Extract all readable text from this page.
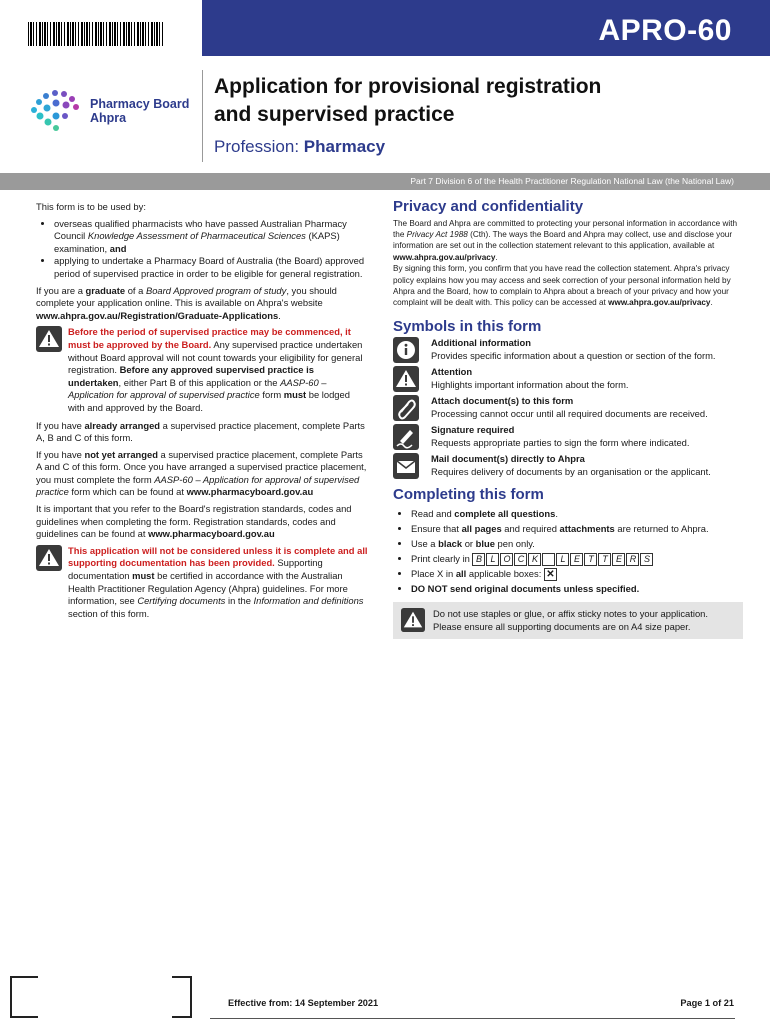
APRO-60
Pharmacy Board
Ahpra
Application for provisional registration
and supervised practice
Profession: Pharmacy
Part 7 Division 6 of the Health Practitioner Regulation National Law (the National Law)

This form is to be used by:

• overseas qualified pharmacists who have passed Australian Pharmacy Council Knowledge Assessment of Pharmaceutical Sciences (KAPS) examination, and
• applying to undertake a Pharmacy Board of Australia (the Board) approved period of supervised practice in order to be eligible for general registration.

If you are a graduate of a Board Approved program of study, you should complete your application online. This is available on Ahpra's website
www.ahpra.gov.au/Registration/Graduate-Applications.

Before the period of supervised practice may be commenced, it must be approved by the Board. Any supervised practice undertaken without Board approval will not count towards your eligibility for general registration. Before any approved supervised practice is undertaken, either Part B of this application or the AASP-60 – Application for approval of supervised practice form must be lodged with and approved by the Board.

If you have already arranged a supervised practice placement, complete Parts A, B and C of this form.

If you have not yet arranged a supervised practice placement, complete Parts A and C of this form. Once you have arranged a supervised practice placement, you must complete the form AASP-60 – Application for approval of supervised practice form which can be found at www.pharmacyboard.gov.au

It is important that you refer to the Board's registration standards, codes and guidelines when completing the form. Registration standards, codes and guidelines can be found at www.pharmacyboard.gov.au

This application will not be considered unless it is complete and all supporting documentation has been provided. Supporting documentation must be certified in accordance with the Australian Health Practitioner Regulation Agency (Ahpra) guidelines. For more information, see Certifying documents in the Information and definitions section of this form.
Privacy and confidentiality
The Board and Ahpra are committed to protecting your personal information in accordance with the Privacy Act 1988 (Cth). The ways the Board and Ahpra may collect, use and disclose your information are set out in the collection statement relevant to this application, available at www.ahpra.gov.au/privacy.
By signing this form, you confirm that you have read the collection statement. Ahpra's privacy policy explains how you may access and seek correction of your personal information held by Ahpra and the Board, how to complain to Ahpra about a breach of your privacy and how your complaint will be dealt with. This policy can be accessed at www.ahpra.gov.au/privacy.
Symbols in this form
Additional information
Provides specific information about a question or section of the form.
Attention
Highlights important information about the form.
Attach document(s) to this form
Processing cannot occur until all required documents are received.
Signature required
Requests appropriate parties to sign the form where indicated.
Mail document(s) directly to Ahpra
Requires delivery of documents by an organisation or the applicant.
Completing this form
• Read and complete all questions.
• Ensure that all pages and required attachments are returned to Ahpra.
• Use a black or blue pen only.
• Print clearly in B L O C K L E T T E R S
• Place X in all applicable boxes: ✕
• DO NOT send original documents unless specified.
Do not use staples or glue, or affix sticky notes to your application.
Please ensure all supporting documents are on A4 size paper.
Effective from: 14 September 2021	Page 1 of 21
